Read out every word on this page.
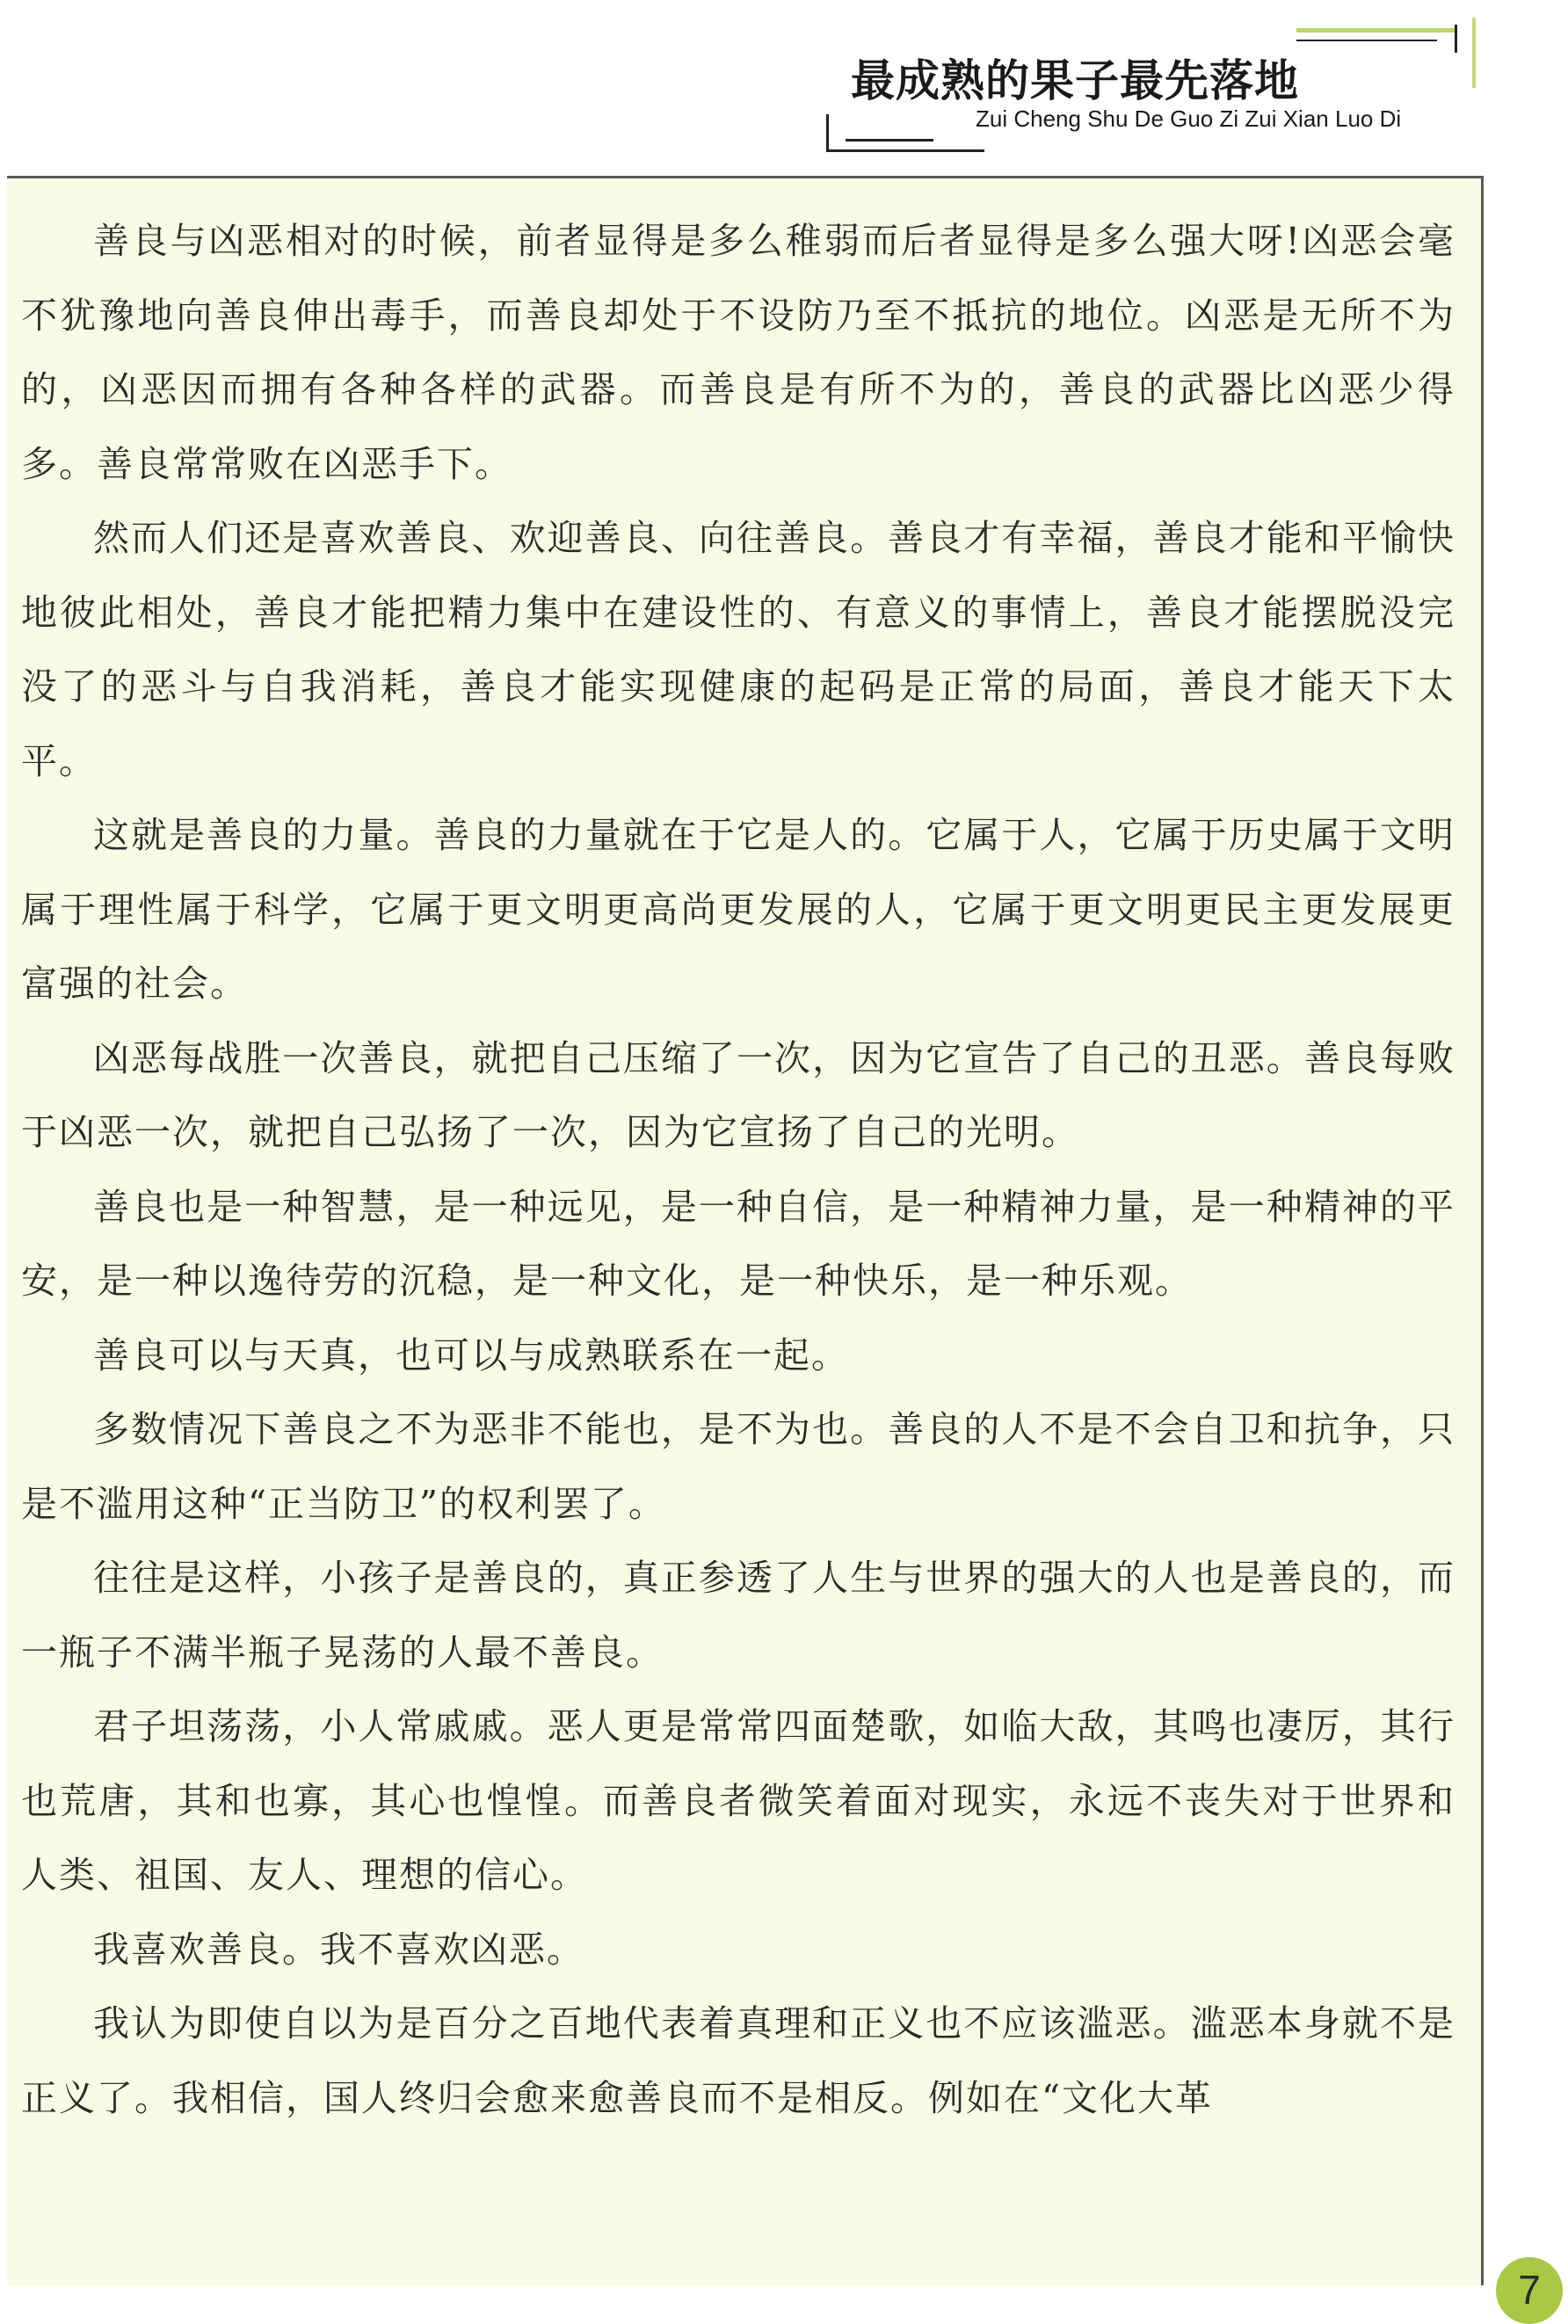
最成熟的果子最先落地
Zui Cheng Shu De Guo Zi Zui Xian Luo Di

善良与凶恶相对的时候，前者显得是多么稚弱而后者显得是多么强大呀!凶恶会毫不犹豫地向善良伸出毒手，而善良却处于不设防乃至不抵抗的地位。凶恶是无所不为的，凶恶因而拥有各种各样的武器。而善良是有所不为的，善良的武器比凶恶少得多。善良常常败在凶恶手下。

然而人们还是喜欢善良、欢迎善良、向往善良。善良才有幸福，善良才能和平愉快地彼此相处，善良才能把精力集中在建设性的、有意义的事情上，善良才能摆脱没完没了的恶斗与自我消耗，善良才能实现健康的起码是正常的局面，善良才能天下太平。

这就是善良的力量。善良的力量就在于它是人的。它属于人，它属于历史属于文明属于理性属于科学，它属于更文明更高尚更发展的人，它属于更文明更民主更发展更富强的社会。

凶恶每战胜一次善良，就把自己压缩了一次，因为它宣告了自己的丑恶。善良每败于凶恶一次，就把自己弘扬了一次，因为它宣扬了自己的光明。

善良也是一种智慧，是一种远见，是一种自信，是一种精神力量，是一种精神的平安，是一种以逸待劳的沉稳，是一种文化，是一种快乐，是一种乐观。

善良可以与天真，也可以与成熟联系在一起。

多数情况下善良之不为恶非不能也，是不为也。善良的人不是不会自卫和抗争，只是不滥用这种“正当防卫”的权利罢了。

往往是这样，小孩子是善良的，真正参透了人生与世界的强大的人也是善良的，而一瓶子不满半瓶子晃荡的人最不善良。

君子坦荡荡，小人常戚戚。恶人更是常常四面楚歌，如临大敌，其鸣也凄厉，其行也荒唐，其和也寡，其心也惶惶。而善良者微笑着面对现实，永远不丧失对于世界和人类、祖国、友人、理想的信心。

我喜欢善良。我不喜欢凶恶。

我认为即使自以为是百分之百地代表着真理和正义也不应该滥恶。滥恶本身就不是正义了。我相信，国人终归会愈来愈善良而不是相反。例如在“文化大革

7
